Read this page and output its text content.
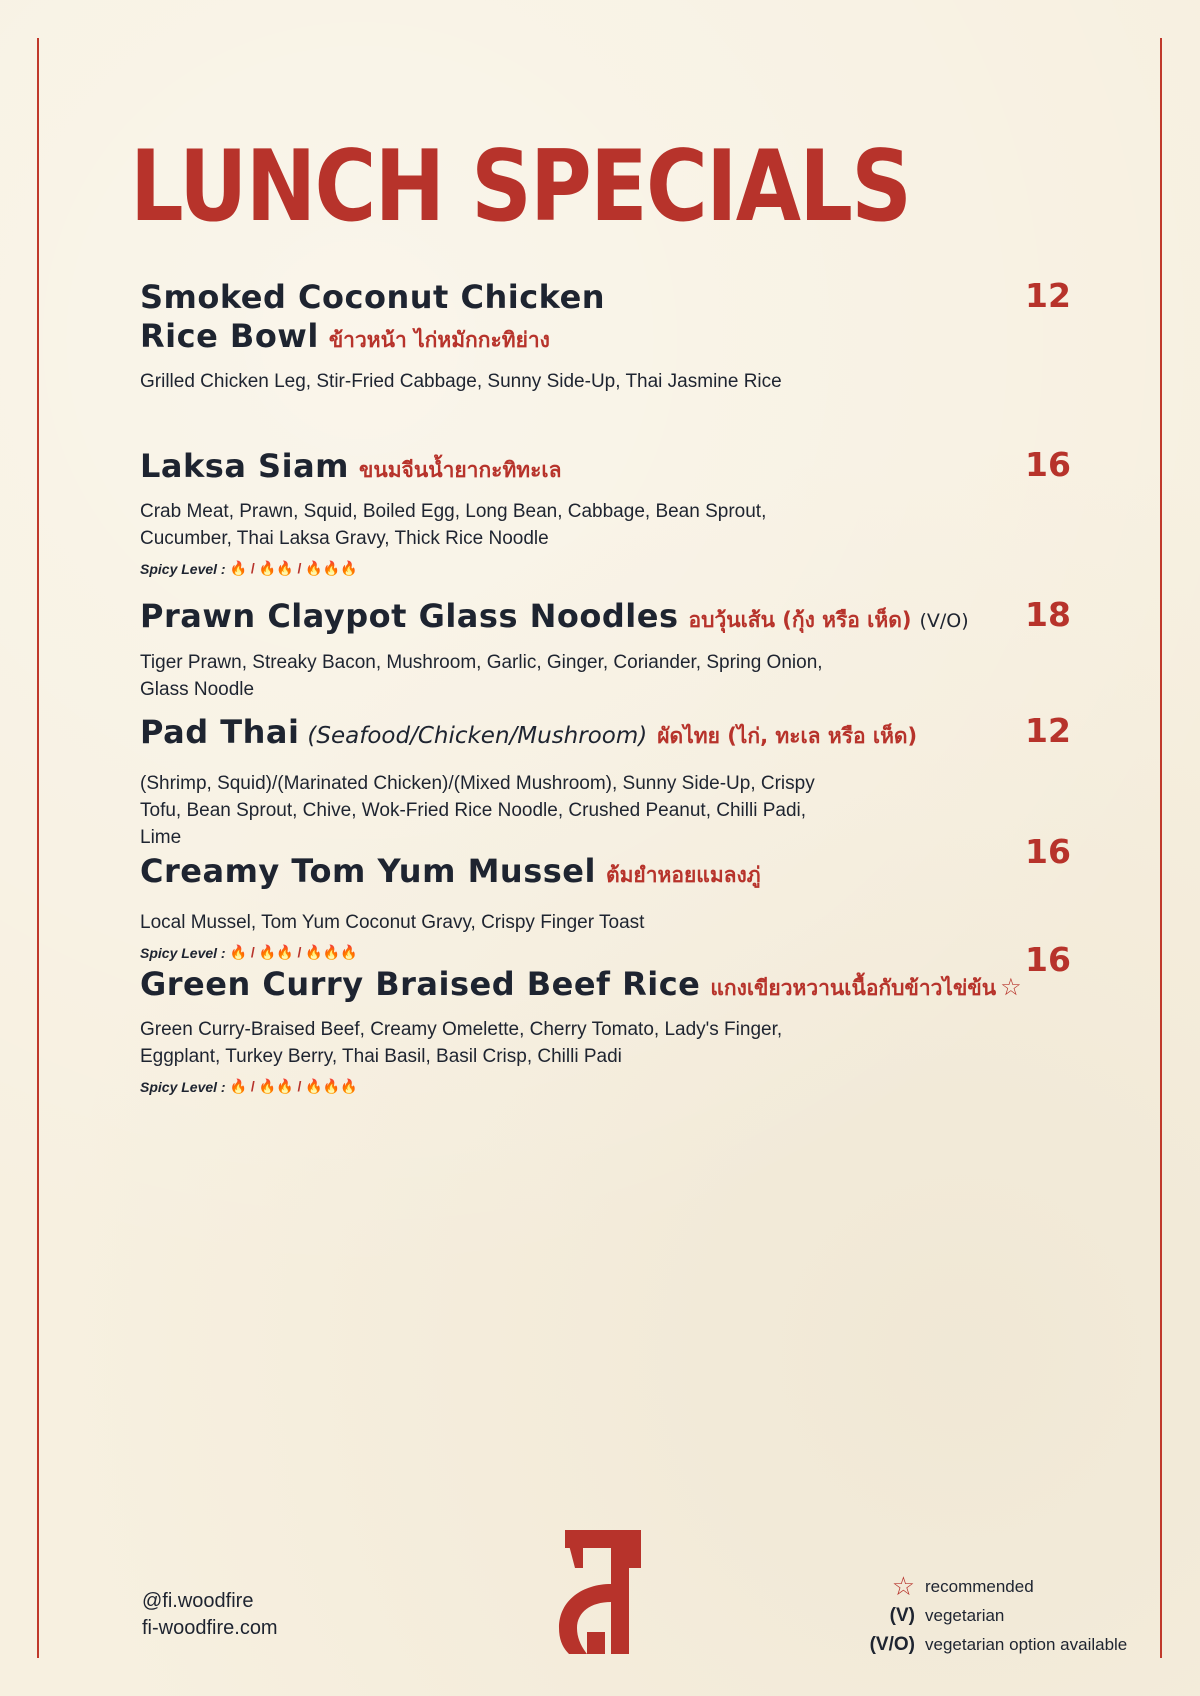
LUNCH SPECIALS
Smoked Coconut Chicken
Rice Bowl ข้าวหน้า ไก่หมักกะทิย่าง
Grilled Chicken Leg, Stir-Fried Cabbage, Sunny Side-Up, Thai Jasmine Rice
12
Laksa Siam ขนมจีนน้ำยากะทิทะเล
Crab Meat, Prawn, Squid, Boiled Egg, Long Bean, Cabbage, Bean Sprout, Cucumber, Thai Laksa Gravy, Thick Rice Noodle
Spicy Level : 🔥 / 🔥🔥 / 🔥🔥🔥
16
Prawn Claypot Glass Noodles อบวุ้นเส้น (กุ้ง หรือ เห็ด) (V/O)
Tiger Prawn, Streaky Bacon, Mushroom, Garlic, Ginger, Coriander, Spring Onion, Glass Noodle
18
Pad Thai (Seafood/Chicken/Mushroom) ผัดไทย (ไก่, ทะเล หรือ เห็ด)
(Shrimp, Squid)/(Marinated Chicken)/(Mixed Mushroom), Sunny Side-Up, Crispy Tofu, Bean Sprout, Chive, Wok-Fried Rice Noodle, Crushed Peanut, Chilli Padi, Lime
12
Creamy Tom Yum Mussel ต้มยำหอยแมลงภู่
Local Mussel, Tom Yum Coconut Gravy, Crispy Finger Toast
Spicy Level : 🔥 / 🔥🔥 / 🔥🔥🔥
16
Green Curry Braised Beef Rice แกงเขียวหวานเนื้อกับข้าวไข่ข้น ☆
Green Curry-Braised Beef, Creamy Omelette, Cherry Tomato, Lady's Finger, Eggplant, Turkey Berry, Thai Basil, Basil Crisp, Chilli Padi
Spicy Level : 🔥 / 🔥🔥 / 🔥🔥🔥
16
@fi.woodfire
fi-woodfire.com
☆ recommended
(V) vegetarian
(V/O) vegetarian option available
